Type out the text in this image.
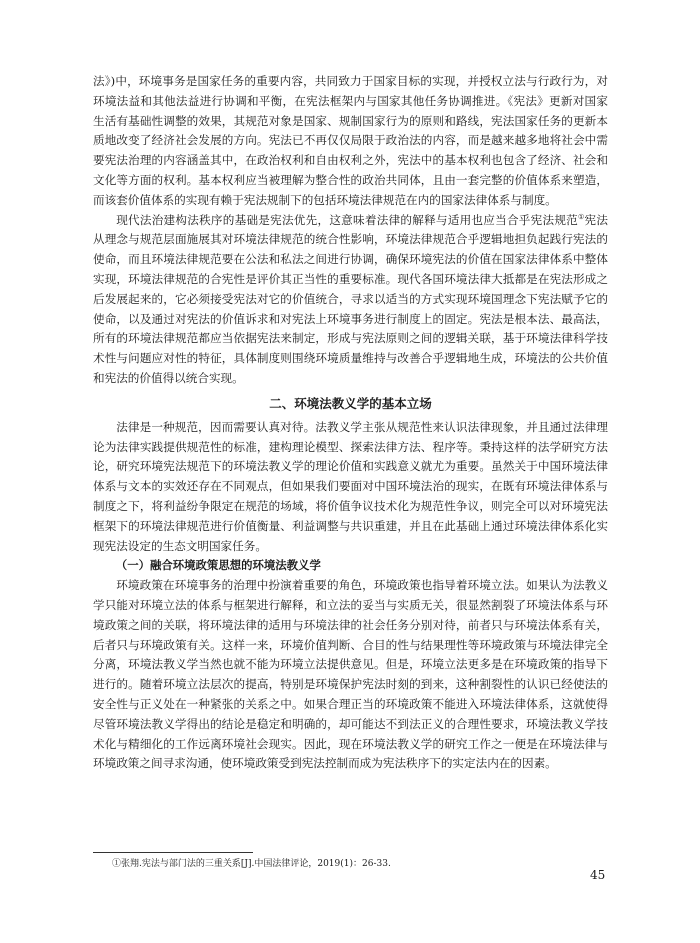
法》)中，环境事务是国家任务的重要内容，共同致力于国家目标的实现，并授权立法与行政行为，对环境法益和其他法益进行协调和平衡，在宪法框架内与国家其他任务协调推进。《宪法》更新对国家生活有基础性调整的效果，其规范对象是国家、规制国家行为的原则和路线，宪法国家任务的更新本质地改变了经济社会发展的方向。宪法已不再仅仅局限于政治法的内容，而是越来越多地将社会中需要宪法治理的内容涵盖其中，在政治权利和自由权利之外，宪法中的基本权利也包含了经济、社会和文化等方面的权利。基本权利应当被理解为整合性的政治共同体，且由一套完整的价值体系来塑造，而该套价值体系的实现有赖于宪法规制下的包括环境法律规范在内的国家法律体系与制度。

现代法治建构法秩序的基础是宪法优先，这意味着法律的解释与适用也应当合乎宪法规范①宪法从理念与规范层面施展其对环境法律规范的统合性影响，环境法律规范合乎逻辑地担负起践行宪法的使命，而且环境法律规范要在公法和私法之间进行协调，确保环境宪法的价值在国家法律体系中整体实现，环境法律规范的合宪性是评价其正当性的重要标准。现代各国环境法律大抵都是在宪法形成之后发展起来的，它必须接受宪法对它的价值统合，寻求以适当的方式实现环境国理念下宪法赋予它的使命，以及通过对宪法的价值诉求和对宪法上环境事务进行制度上的固定。宪法是根本法、最高法，所有的环境法律规范都应当依据宪法来制定，形成与宪法原则之间的逻辑关联，基于环境法律科学技术性与问题应对性的特征，具体制度则围绕环境质量维持与改善合乎逻辑地生成，环境法的公共价值和宪法的价值得以统合实现。

二、环境法教义学的基本立场

法律是一种规范，因而需要认真对待。法教义学主张从规范性来认识法律现象，并且通过法律理论为法律实践提供规范性的标准，建构理论模型、探索法律方法、程序等。秉持这样的法学研究方法论，研究环境宪法规范下的环境法教义学的理论价值和实践意义就尤为重要。虽然关于中国环境法律体系与文本的实效还存在不同观点，但如果我们要面对中国环境法治的现实，在既有环境法律体系与制度之下，将利益纷争限定在规范的场域，将价值争议技术化为规范性争议，则完全可以对环境宪法框架下的环境法律规范进行价值衡量、利益调整与共识重建，并且在此基础上通过环境法律体系化实现宪法设定的生态文明国家任务。

（一）融合环境政策思想的环境法教义学

环境政策在环境事务的治理中扮演着重要的角色，环境政策也指导着环境立法。如果认为法教义学只能对环境立法的体系与框架进行解释，和立法的妥当与实质无关，很显然割裂了环境法体系与环境政策之间的关联，将环境法律的适用与环境法律的社会任务分别对待，前者只与环境法体系有关，后者只与环境政策有关。这样一来，环境价值判断、合目的性与结果理性等环境政策与环境法律完全分离，环境法教义学当然也就不能为环境立法提供意见。但是，环境立法更多是在环境政策的指导下进行的。随着环境立法层次的提高，特别是环境保护宪法时刻的到来，这种割裂性的认识已经使法的安全性与正义处在一种紧张的关系之中。如果合理正当的环境政策不能进入环境法律体系，这就使得尽管环境法教义学得出的结论是稳定和明确的，却可能达不到法正义的合理性要求，环境法教义学技术化与精细化的工作远离环境社会现实。因此，现在环境法教义学的研究工作之一便是在环境法律与环境政策之间寻求沟通，使环境政策受到宪法控制而成为宪法秩序下的实定法内在的因素。

①张翔.宪法与部门法的三重关系[J].中国法律评论，2019(1)：26-33.
45
